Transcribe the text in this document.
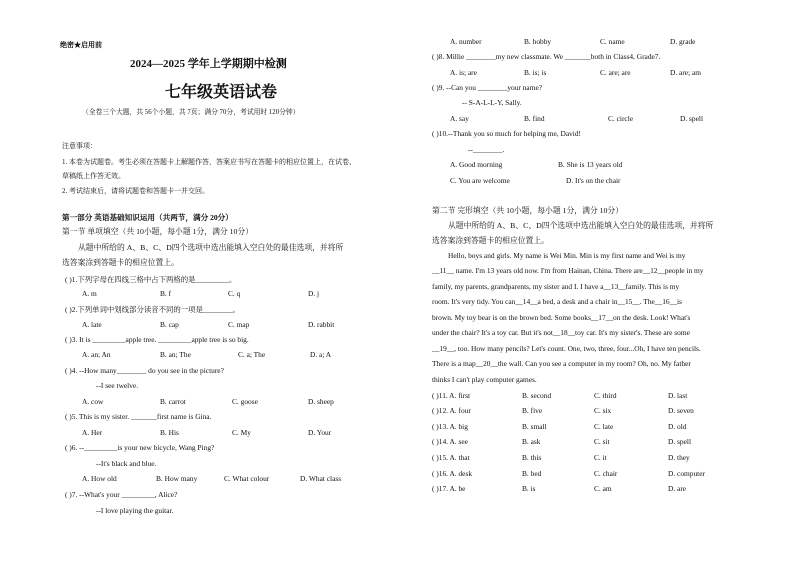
绝密★启用前
2024—2025 学年上学期期中检测
七年级英语试卷
（全卷三个大题，共 56个小题，共 7页；满分 70分，考试用时 120分钟）
注意事项：
1. 本卷为试题卷。考生必须在答题卡上解题作答，答案应书写在答题卡的相应位置上，在试卷、
草稿纸上作答无效。
2. 考试结束后，请将试题卷和答题卡一并交回。
第一部分 英语基础知识运用（共两节，满分 20分）
第一节 单项填空（共 10小题，每小题 1分，满分 10分）
从题中所给的 A、B、C、D四个选项中选出能填入空白处的最佳选项，并将所
选答案涂到答题卡的相应位置上。
( )1.下列字母在四线三格中占下两格的是_________。
A. m	B. f	C. q	D. j
( )2.下列单词中划线部分读音不同的一项是________。
A. late	B. cap	C. map	D. rabbit
( )3. It is _________apple tree. _________apple tree is so big.
A. an; An	B. an; The	C. a; The	D. a; A
( )4. --How many________ do you see in the picture?
--I see twelve.
A. cow	B. carrot	C. goose	D. sheep
( )5. This is my sister. _______first name is Gina.
A. Her	B. His	C. My	D. Your
( )6. --_________is your new bicycle, Wang Ping?
--It's black and blue.
A. How old	B. How many	C. What colour	D. What class
( )7. --What's your _________, Alice?
--I love playing the guitar.
A. number	B. hobby	C. name	D. grade
( )8. Millie ________my new classmate. We _______both in Class4, Grade7.
A. is; are	B. is; is	C. are; are	D. are; am
( )9. --Can you ________your name?
-- S-A-L-L-Y, Sally.
A. say	B. find	C. circle	D. spell
( )10.--Thank you so much for helping me, David!
--________.
A. Good morning	B. She is 13 years old
C. You are welcome	D. It's on the chair
第二节 完形填空（共 10小题，每小题 1分，满分 10分）
从题中所给的 A、B、C、D四个选项中选出能填入空白处的最佳选项，并将所
选答案涂到答题卡的相应位置上。
Hello, boys and girls. My name is Wei Min. Min is my first name and Wei is my
__11__ name. I'm 13 years old now. I'm from Hainan, China. There are__12__people in my
family, my parents, grandparents, my sister and I. I have a__13__family. This is my
room. It's very tidy. You can__14__a bed, a desk and a chair in__15__. The__16__is
brown. My toy bear is on the brown bed. Some books__17__on the desk. Look! What's
under the chair? It's a toy car. But it's not__18__toy car. It's my sister's. These are some
__19__, too. How many pencils? Let's count. One, two, three, four...Oh, I have ten pencils.
There is a map__20__the wall. Can you see a computer in my room? Oh, no. My father
thinks I can't play computer games.
( )11. A. first	B. second	C. third	D. last
( )12. A. four	B. five	C. six	D. seven
( )13. A. big	B. small	C. late	D. old
( )14. A. see	B. ask	C. sit	D. spell
( )15. A. that	B. this	C. it	D. they
( )16. A. desk	B. bed	C. chair	D. computer
( )17. A. be	B. is	C. am	D. are
